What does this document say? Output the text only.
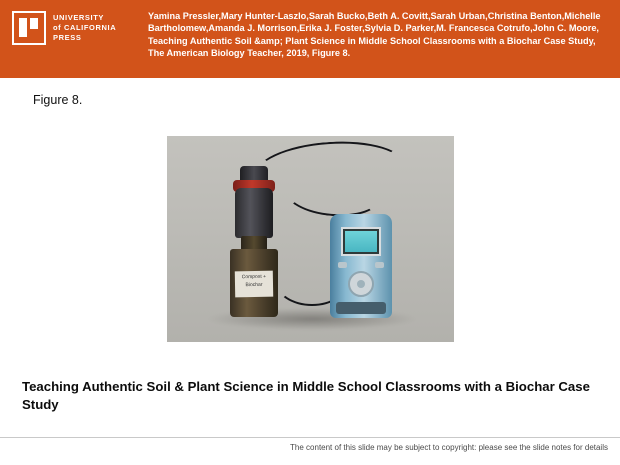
UNIVERSITY
of CALIFORNIA
PRESS
Yamina Pressler,Mary Hunter-Laszlo,Sarah Bucko,Beth A. Covitt,Sarah Urban,Christina Benton,Michelle Bartholomew,Amanda J. Morrison,Erika J. Foster,Sylvia D. Parker,M. Francesca Cotrufo,John C. Moore, Teaching Authentic Soil &amp; Plant Science in Middle School Classrooms with a Biochar Case Study, The American Biology Teacher, 2019, Figure 8.
Figure 8.
Compost + Biochar
Teaching Authentic Soil & Plant Science in Middle School Classrooms with a Biochar Case Study
The content of this slide may be subject to copyright: please see the slide notes for details
